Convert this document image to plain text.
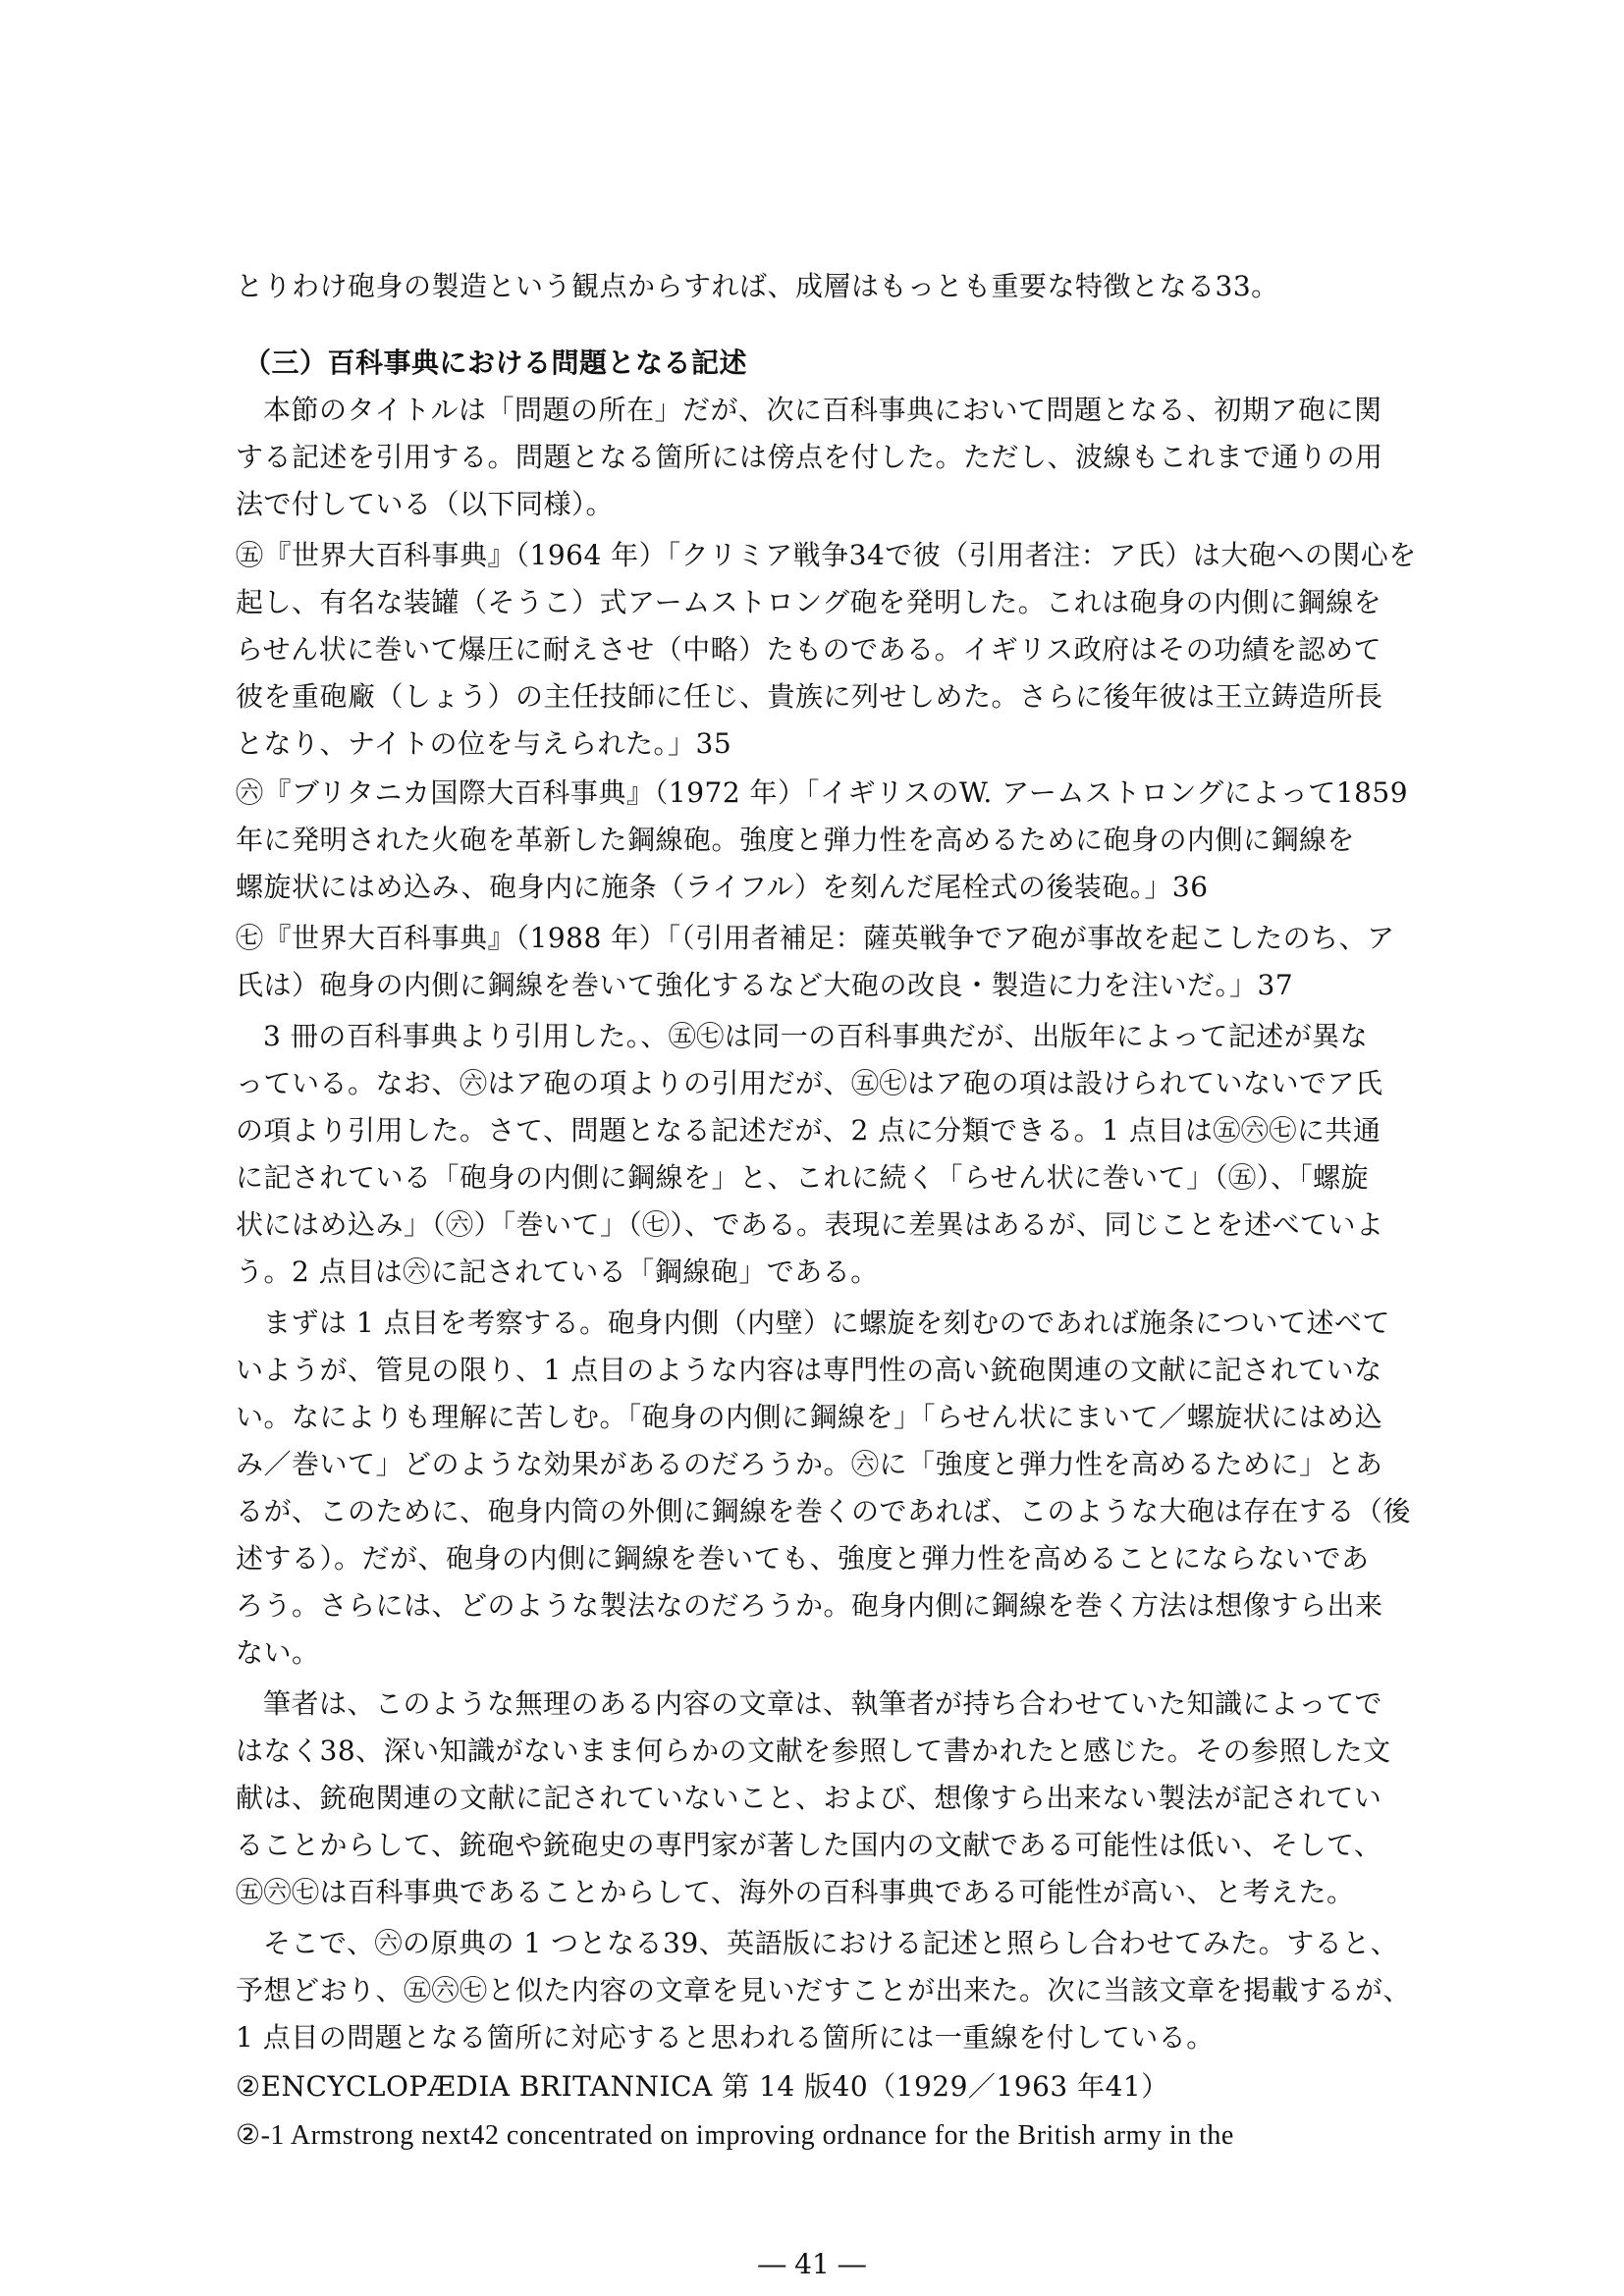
とりわけ砲身の製造という観点からすれば、成層はもっとも重要な特徴となる33。
（三）百科事典における問題となる記述
本節のタイトルは「問題の所在」だが、次に百科事典において問題となる、初期ア砲に関
する記述を引用する。問題となる箇所には傍点を付した。ただし、波線もこれまで通りの用
法で付している（以下同様）。
㊄『世界大百科事典』（1964 年）「クリミア戦争34で彼（引用者注：ア氏）は大砲への関心を
起し、有名な装罐（そうこ）式アームストロング砲を発明した。これは砲身の内側に鋼線を
らせん状に巻いて爆圧に耐えさせ（中略）たものである。イギリス政府はその功績を認めて
彼を重砲廠（しょう）の主任技師に任じ、貴族に列せしめた。さらに後年彼は王立鋳造所長
となり、ナイトの位を与えられた。」35
㊅『ブリタニカ国際大百科事典』（1972 年）「イギリスのW. アームストロングによって1859
年に発明された火砲を革新した鋼線砲。強度と弾力性を高めるために砲身の内側に鋼線を
螺旋状にはめ込み、砲身内に施条（ライフル）を刻んだ尾栓式の後装砲。」36
㊆『世界大百科事典』（1988 年）「（引用者補足：薩英戦争でア砲が事故を起こしたのち、ア
氏は）砲身の内側に鋼線を巻いて強化するなど大砲の改良・製造に力を注いだ。」37
3 冊の百科事典より引用した。、㊄㊆は同一の百科事典だが、出版年によって記述が異な
っている。なお、㊅はア砲の項よりの引用だが、㊄㊆はア砲の項は設けられていないでア氏
の項より引用した。さて、問題となる記述だが、2 点に分類できる。1 点目は㊄㊅㊆に共通
に記されている「砲身の内側に鋼線を」と、これに続く「らせん状に巻いて」（㊄）、「螺旋
状にはめ込み」（㊅）「巻いて」（㊆）、である。表現に差異はあるが、同じことを述べていよ
う。2 点目は㊅に記されている「鋼線砲」である。
まずは 1 点目を考察する。砲身内側（内壁）に螺旋を刻むのであれば施条について述べて
いようが、管見の限り、1 点目のような内容は専門性の高い銃砲関連の文献に記されていな
い。なによりも理解に苦しむ。「砲身の内側に鋼線を」「らせん状にまいて／螺旋状にはめ込
み／巻いて」どのような効果があるのだろうか。㊅に「強度と弾力性を高めるために」とあ
るが、このために、砲身内筒の外側に鋼線を巻くのであれば、このような大砲は存在する（後
述する）。だが、砲身の内側に鋼線を巻いても、強度と弾力性を高めることにならないであ
ろう。さらには、どのような製法なのだろうか。砲身内側に鋼線を巻く方法は想像すら出来
ない。
筆者は、このような無理のある内容の文章は、執筆者が持ち合わせていた知識によってで
はなく38、深い知識がないまま何らかの文献を参照して書かれたと感じた。その参照した文
献は、銃砲関連の文献に記されていないこと、および、想像すら出来ない製法が記されてい
ることからして、銃砲や銃砲史の専門家が著した国内の文献である可能性は低い、そして、
㊄㊅㊆は百科事典であることからして、海外の百科事典である可能性が高い、と考えた。
そこで、㊅の原典の 1 つとなる39、英語版における記述と照らし合わせてみた。すると、
予想どおり、㊄㊅㊆と似た内容の文章を見いだすことが出来た。次に当該文章を掲載するが、
1 点目の問題となる箇所に対応すると思われる箇所には一重線を付している。
②ENCYCLOPÆDIA BRITANNICA 第 14 版40（1929／1963 年41）
②-1 Armstrong next42 concentrated on improving ordnance for the British army in the
― 41 ―
